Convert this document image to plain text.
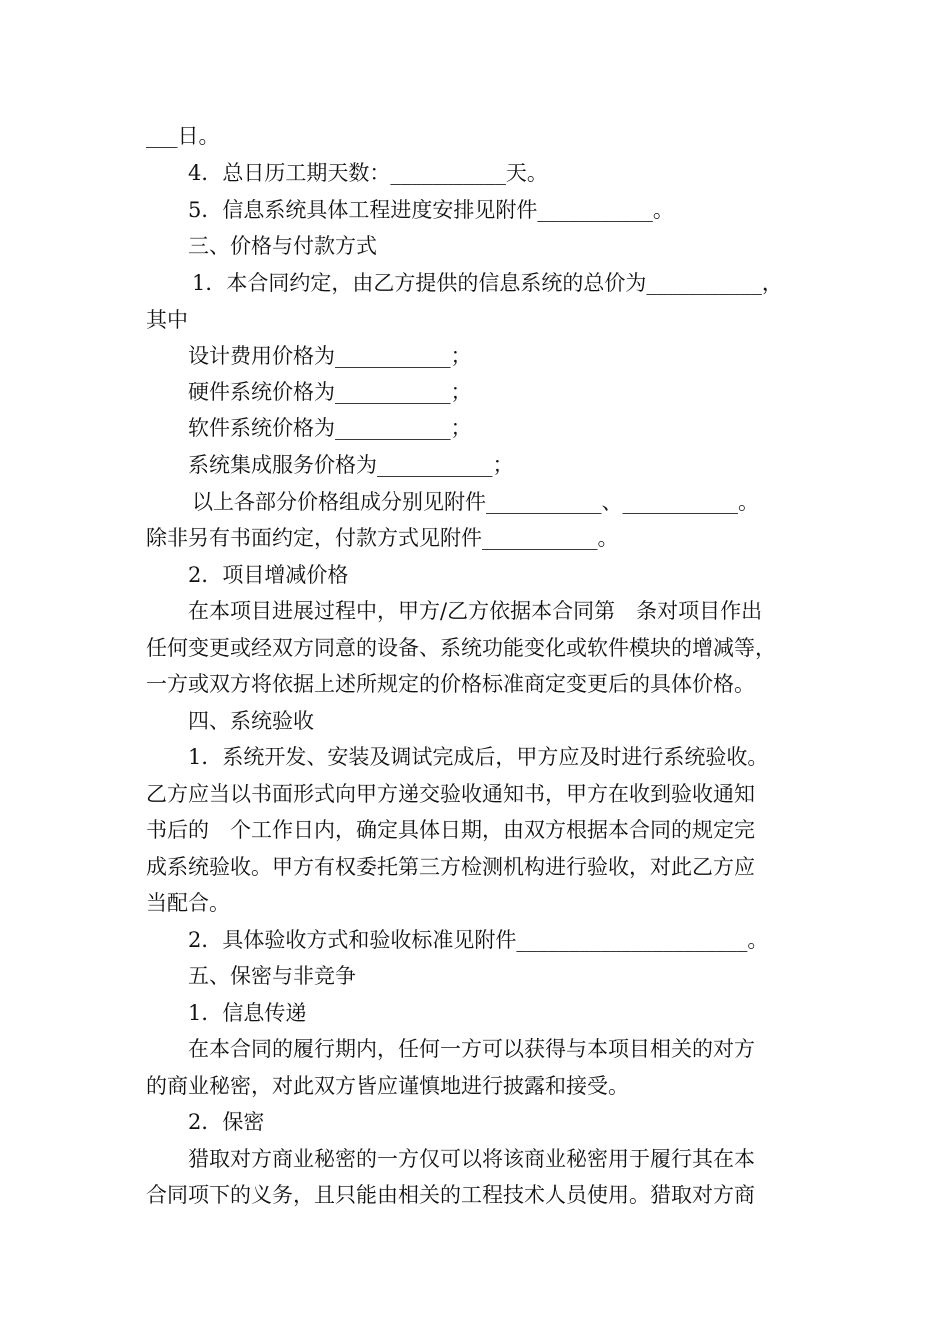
___日。
4．总日历工期天数：___________天。
5．信息系统具体工程进度安排见附件___________。
三、价格与付款方式
1．本合同约定，由乙方提供的信息系统的总价为___________，
其中
设计费用价格为___________；
硬件系统价格为___________；
软件系统价格为___________；
系统集成服务价格为___________；
以上各部分价格组成分别见附件___________、___________。
除非另有书面约定，付款方式见附件___________。
2．项目增减价格
在本项目进展过程中，甲方/乙方依据本合同第　条对项目作出
任何变更或经双方同意的设备、系统功能变化或软件模块的增减等，
一方或双方将依据上述所规定的价格标准商定变更后的具体价格。
四、系统验收
1．系统开发、安装及调试完成后，甲方应及时进行系统验收。
乙方应当以书面形式向甲方递交验收通知书，甲方在收到验收通知
书后的　个工作日内，确定具体日期，由双方根据本合同的规定完
成系统验收。甲方有权委托第三方检测机构进行验收，对此乙方应
当配合。
2．具体验收方式和验收标准见附件______________________。
五、保密与非竞争
1．信息传递
在本合同的履行期内，任何一方可以获得与本项目相关的对方
的商业秘密，对此双方皆应谨慎地进行披露和接受。
2．保密
猎取对方商业秘密的一方仅可以将该商业秘密用于履行其在本
合同项下的义务，且只能由相关的工程技术人员使用。猎取对方商
